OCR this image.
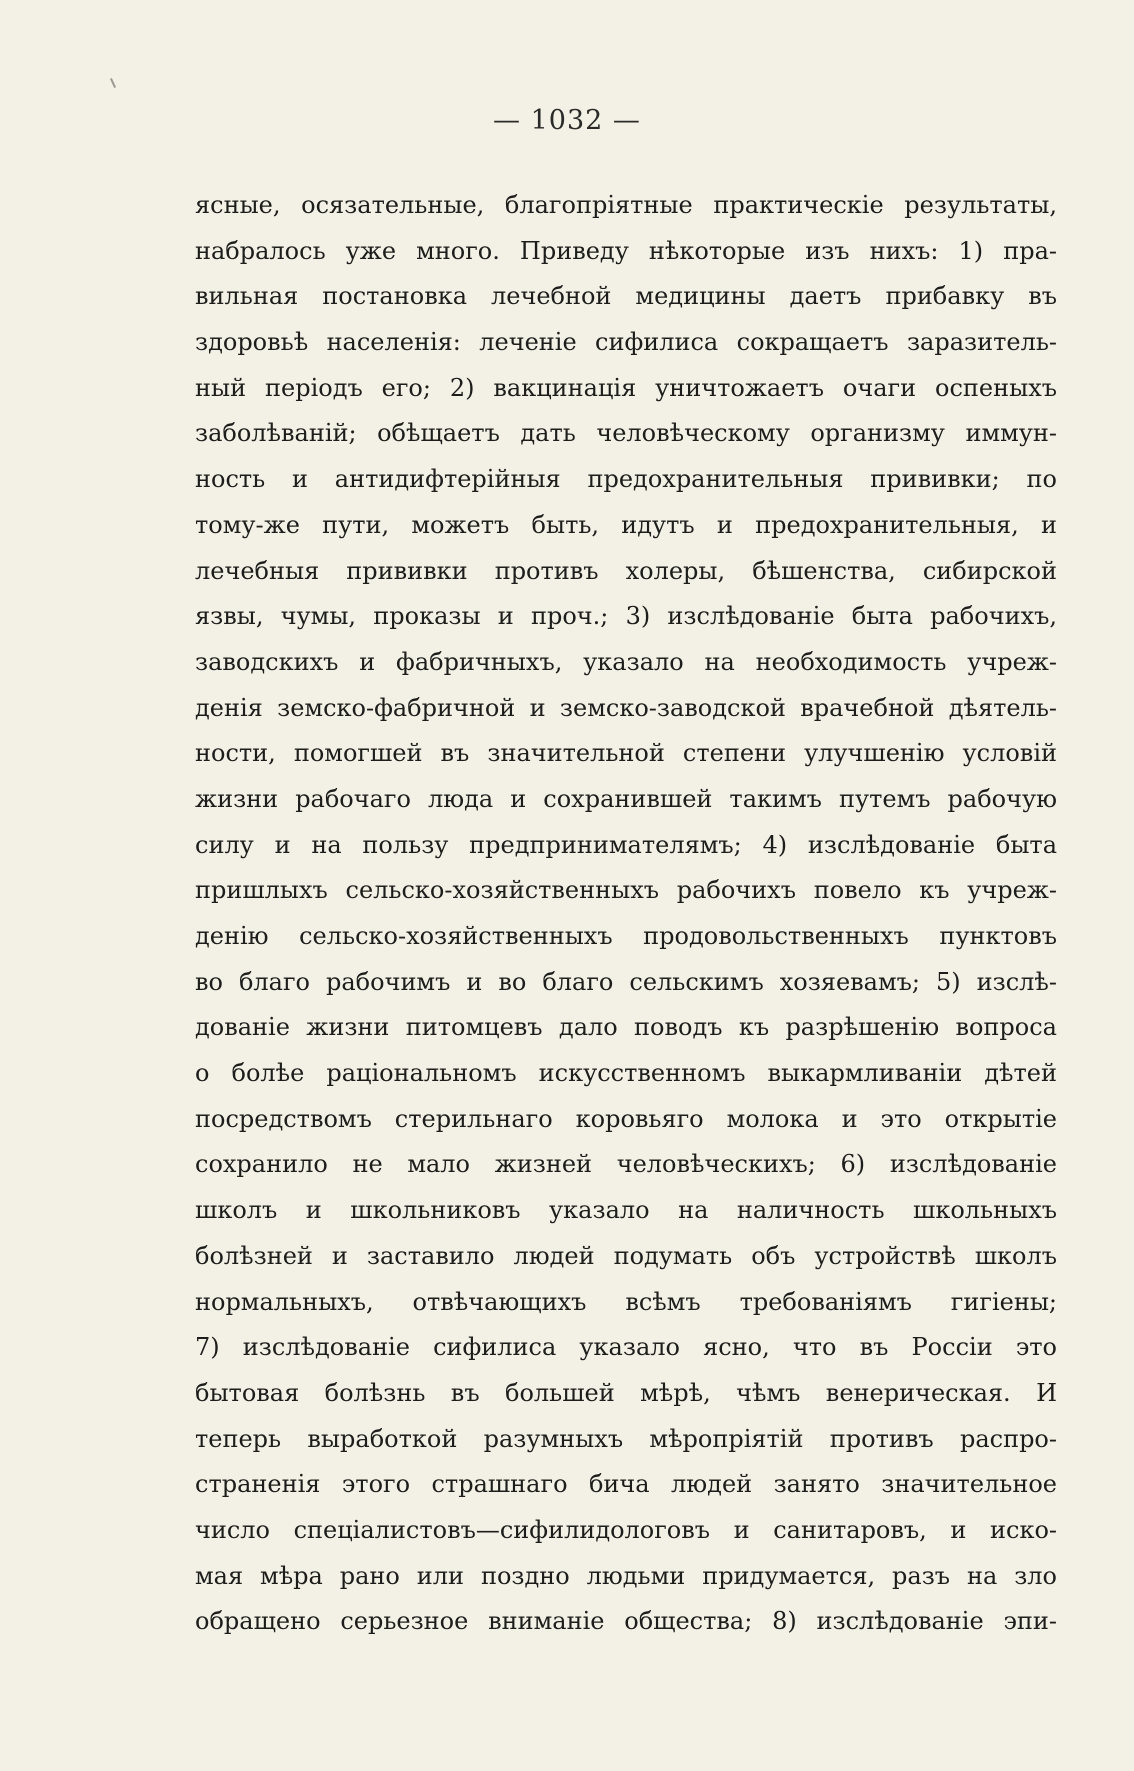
— 1032 —
ясные, осязательные, благопріятные практическіе результаты,
набралось уже много. Приведу нѣкоторые изъ нихъ: 1) пра-
вильная постановка лечебной медицины даетъ прибавку въ
здоровьѣ населенія: леченіе сифилиса сокращаетъ заразитель-
ный періодъ его; 2) вакцинація уничтожаетъ очаги оспеныхъ
заболѣваній; обѣщаетъ дать человѣческому организму иммун-
ность и антидифтерійныя предохранительныя прививки; по
тому-же пути, можетъ быть, идутъ и предохранительныя, и
лечебныя прививки противъ холеры, бѣшенства, сибирской
язвы, чумы, проказы и проч.; 3) изслѣдованіе быта рабочихъ,
заводскихъ и фабричныхъ, указало на необходимость учреж-
денія земско-фабричной и земско-заводской врачебной дѣятель-
ности, помогшей въ значительной степени улучшенію условій
жизни рабочаго люда и сохранившей такимъ путемъ рабочую
силу и на пользу предпринимателямъ; 4) изслѣдованіе быта
пришлыхъ сельско-хозяйственныхъ рабочихъ повело къ учреж-
денію сельско-хозяйственныхъ продовольственныхъ пунктовъ
во благо рабочимъ и во благо сельскимъ хозяевамъ; 5) изслѣ-
дованіе жизни питомцевъ дало поводъ къ разрѣшенію вопроса
о болѣе раціональномъ искусственномъ выкармливаніи дѣтей
посредствомъ стерильнаго коровьяго молока и это открытіе
сохранило не мало жизней человѣческихъ; 6) изслѣдованіе
школъ и школьниковъ указало на наличность школьныхъ
болѣзней и заставило людей подумать объ устройствѣ школъ
нормальныхъ, отвѣчающихъ всѣмъ требованіямъ гигіены;
7) изслѣдованіе сифилиса указало ясно, что въ Россіи это
бытовая болѣзнь въ большей мѣрѣ, чѣмъ венерическая. И
теперь выработкой разумныхъ мѣропріятій противъ распро-
страненія этого страшнаго бича людей занято значительное
число спеціалистовъ—сифилидологовъ и санитаровъ, и иско-
мая мѣра рано или поздно людьми придумается, разъ на зло
обращено серьезное вниманіе общества; 8) изслѣдованіе эпи-
